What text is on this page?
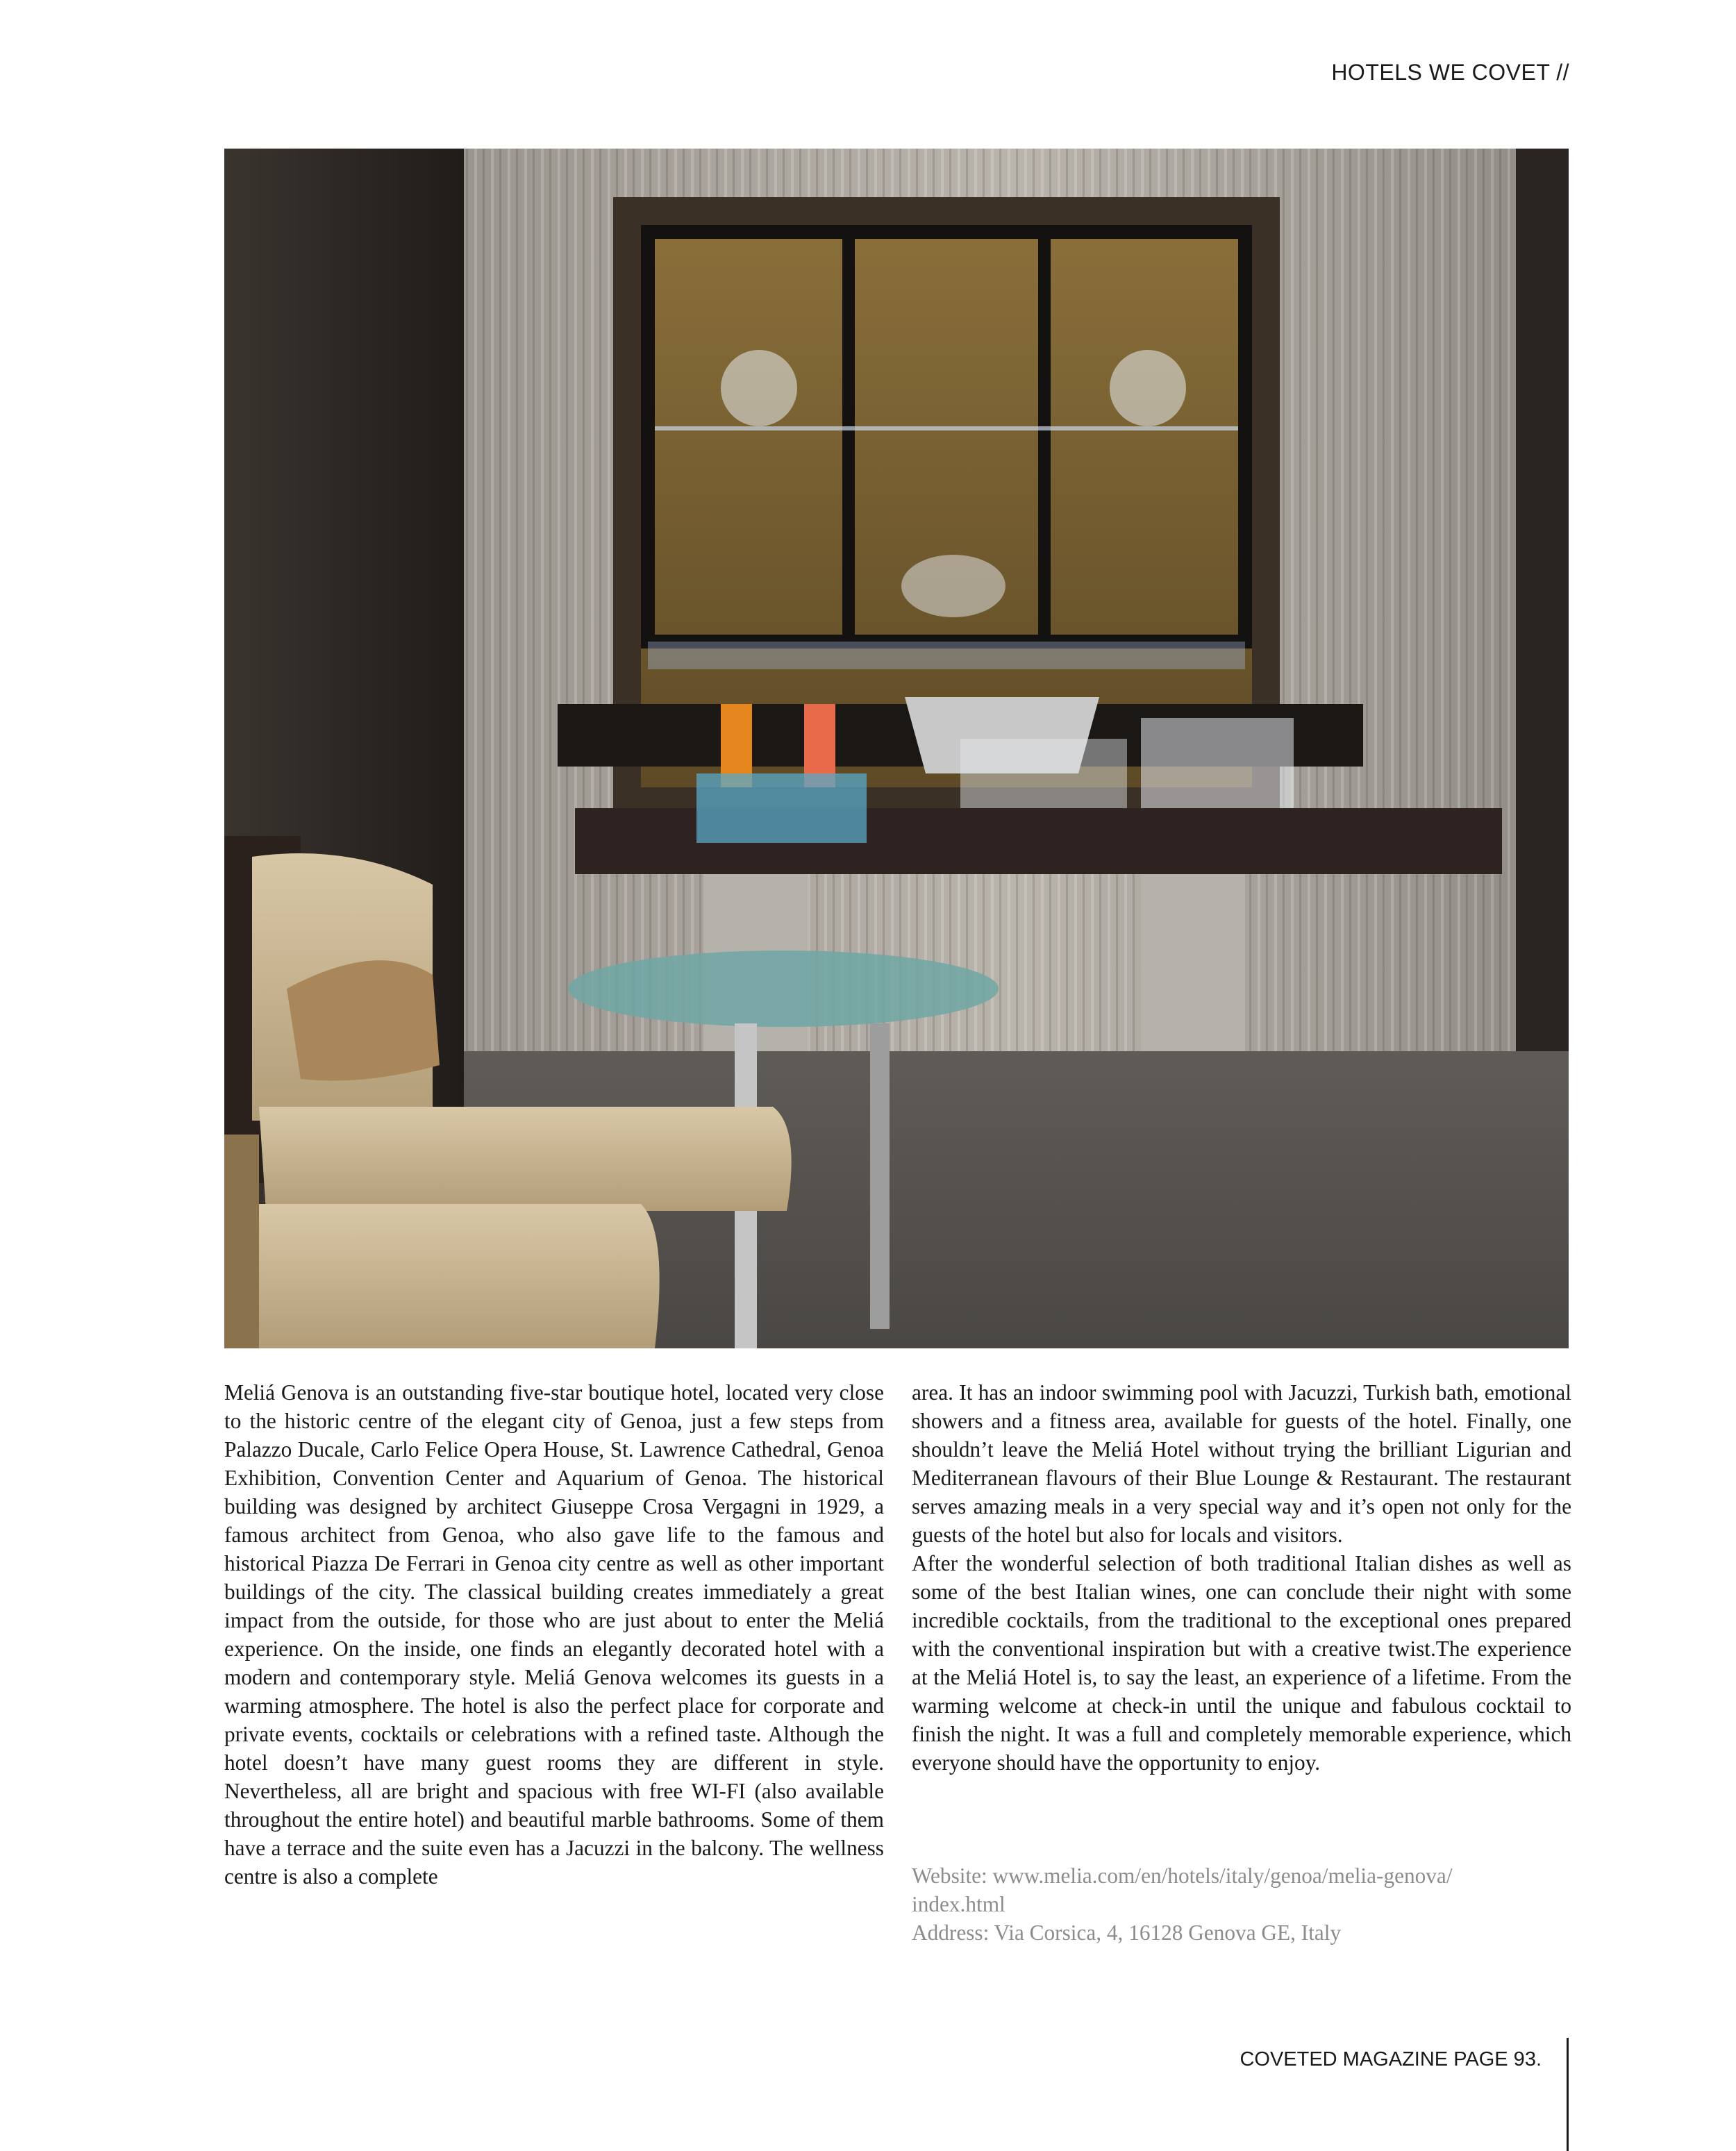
HOTELS WE COVET //

Meliá Genova is an outstanding five-star boutique hotel, located very close to the historic centre of the elegant city of Genoa, just a few steps from Palazzo Ducale, Carlo Felice Opera House, St. Lawrence Cathedral, Genoa Exhibition, Convention Center and Aquarium of Genoa. The historical building was designed by architect Giuseppe Crosa Vergagni in 1929, a famous architect from Genoa, who also gave life to the famous and historical Piazza De Ferrari in Genoa city centre as well as other important buildings of the city. The classical building creates immediately a great impact from the outside, for those who are just about to enter the Meliá experience. On the inside, one finds an elegantly decorated hotel with a modern and contemporary style. Meliá Genova welcomes its guests in a warming atmosphere. The hotel is also the perfect place for corporate and private events, cocktails or celebrations with a refined taste. Although the hotel doesn’t have many guest rooms they are different in style. Nevertheless, all are bright and spacious with free WI-FI (also available throughout the entire hotel) and beautiful marble bathrooms. Some of them have a terrace and the suite even has a Jacuzzi in the balcony. The wellness centre is also a complete

area. It has an indoor swimming pool with Jacuzzi, Turkish bath, emotional showers and a fitness area, available for guests of the hotel. Finally, one shouldn’t leave the Meliá Hotel without trying the brilliant Ligurian and Mediterranean flavours of their Blue Lounge & Restaurant. The restaurant serves amazing meals in a very special way and it’s open not only for the guests of the hotel but also for locals and visitors.

After the wonderful selection of both traditional Italian dishes as well as some of the best Italian wines, one can conclude their night with some incredible cocktails, from the traditional to the exceptional ones prepared with the conventional inspiration but with a creative twist.The experience at the Meliá Hotel is, to say the least, an experience of a lifetime. From the warming welcome at check-in until the unique and fabulous cocktail to finish the night. It was a full and completely memorable experience, which everyone should have the opportunity to enjoy.

Website: www.melia.com/en/hotels/italy/genoa/melia-genova/

index.html

Address: Via Corsica, 4, 16128 Genova GE, Italy

COVETED MAGAZINE PAGE 93.
